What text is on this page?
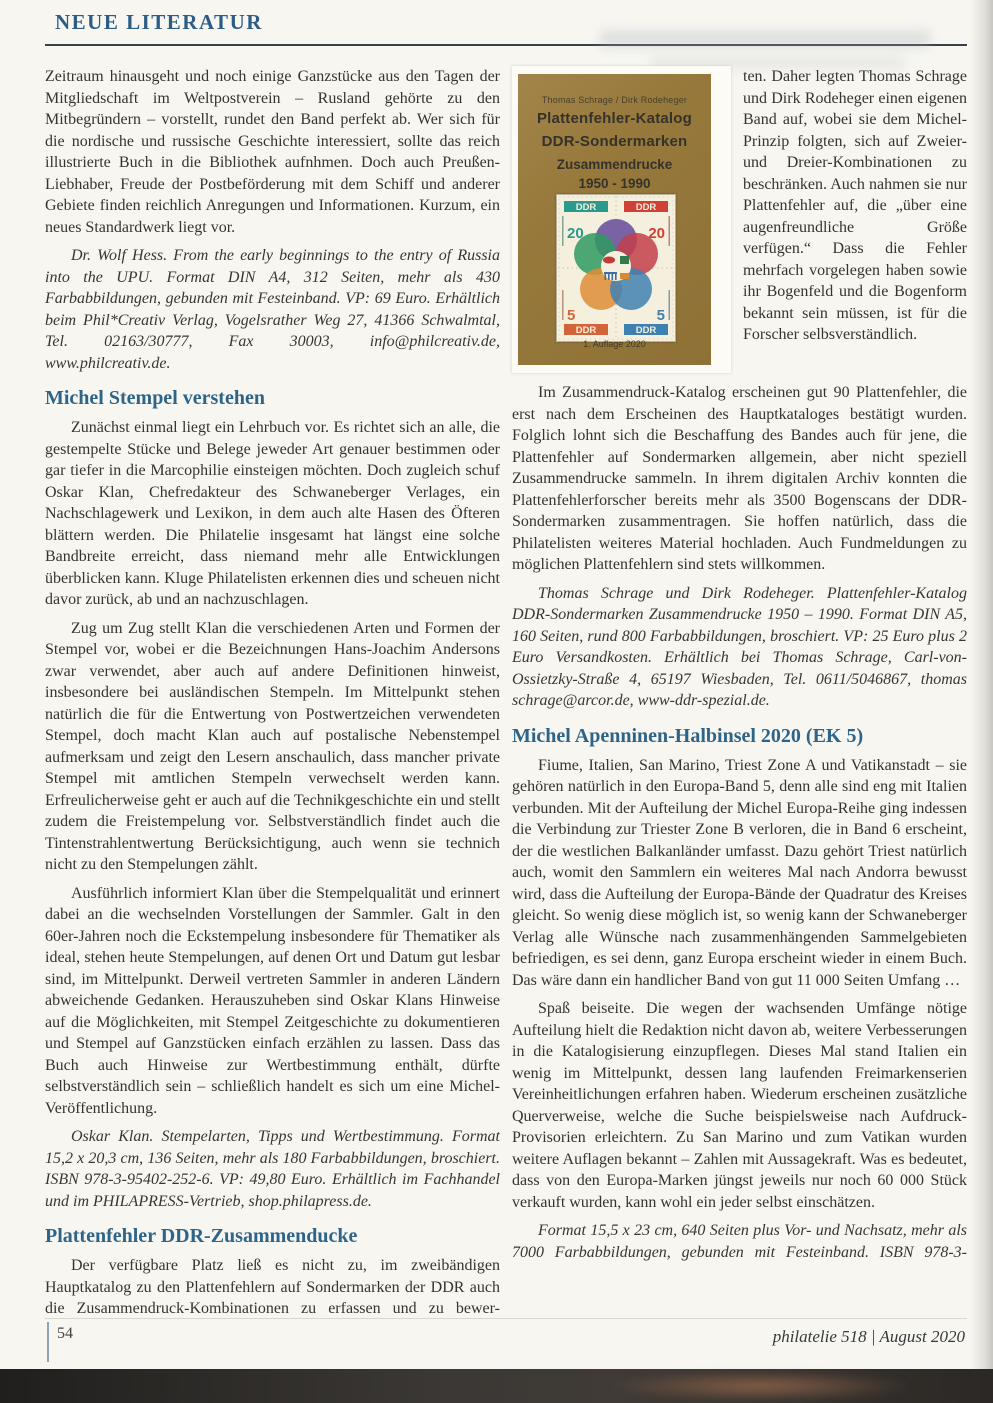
NEUE LITERATUR

Zeitraum hinausgeht und noch einige Ganzstücke aus den Tagen der Mitgliedschaft im Weltpostverein – Rusland gehörte zu den Mitbegründern – vorstellt, rundet den Band perfekt ab. Wer sich für die nordische und russische Geschichte interessiert, sollte das reich illustrierte Buch in die Bibliothek aufnhmen. Doch auch Preußen-Liebhaber, Freude der Postbeförderung mit dem Schiff und anderer Gebiete finden reichlich Anregungen und Informationen. Kurzum, ein neues Standardwerk liegt vor.

Dr. Wolf Hess. From the early beginnings to the entry of Russia into the UPU. Format DIN A4, 312 Seiten, mehr als 430 Farbabbildungen, gebunden mit Festeinband. VP: 69 Euro. Erhältlich beim Phil*Creativ Verlag, Vogelsrather Weg 27, 41366 Schwalmtal, Tel. 02163/30777, Fax 30003, info@philcreativ.de, www.philcreativ.de.

Michel Stempel verstehen

Zunächst einmal liegt ein Lehrbuch vor. Es richtet sich an alle, die gestempelte Stücke und Belege jeweder Art genauer bestimmen oder gar tiefer in die Marcophilie einsteigen möchten. Doch zugleich schuf Oskar Klan, Chefredakteur des Schwaneberger Verlages, ein Nachschlagewerk und Lexikon, in dem auch alte Hasen des Öfteren blättern werden. Die Philatelie insgesamt hat längst eine solche Bandbreite erreicht, dass niemand mehr alle Entwicklungen überblicken kann. Kluge Philatelisten erkennen dies und scheuen nicht davor zurück, ab und an nachzuschlagen.

Zug um Zug stellt Klan die verschiedenen Arten und Formen der Stempel vor, wobei er die Bezeichnungen Hans-Joachim Andersons zwar verwendet, aber auch auf andere Definitionen hinweist, insbesondere bei ausländischen Stempeln. Im Mittelpunkt stehen natürlich die für die Entwertung von Postwertzeichen verwendeten Stempel, doch macht Klan auch auf postalische Nebenstempel aufmerksam und zeigt den Lesern anschaulich, dass mancher private Stempel mit amtlichen Stempeln verwechselt werden kann. Erfreulicherweise geht er auch auf die Technikgeschichte ein und stellt zudem die Freistempelung vor. Selbstverständlich findet auch die Tintenstrahlentwertung Berücksichtigung, auch wenn sie technich nicht zu den Stempelungen zählt.

Ausführlich informiert Klan über die Stempelqualität und erinnert dabei an die wechselnden Vorstellungen der Sammler. Galt in den 60er-Jahren noch die Eckstempelung insbesondere für Thematiker als ideal, stehen heute Stempelungen, auf denen Ort und Datum gut lesbar sind, im Mittelpunkt. Derweil vertreten Sammler in anderen Ländern abweichende Gedanken. Herauszuheben sind Oskar Klans Hinweise auf die Möglichkeiten, mit Stempel Zeitgeschichte zu dokumentieren und Stempel auf Ganzstücken einfach erzählen zu lassen. Dass das Buch auch Hinweise zur Wertbestimmung enthält, dürfte selbstverständlich sein – schließlich handelt es sich um eine Michel-Veröffentlichung.

Oskar Klan. Stempelarten, Tipps und Wertbestimmung. Format 15,2 x 20,3 cm, 136 Seiten, mehr als 180 Farbabbildungen, broschiert. ISBN 978-3-95402-252-6. VP: 49,80 Euro. Erhältlich im Fachhandel und im PHILAPRESS-Vertrieb, shop.philapress.de.

Plattenfehler DDR-Zusammenducke

Der verfügbare Platz ließ es nicht zu, im zweibändigen Hauptkatalog zu den Plattenfehlern auf Sondermarken der DDR auch die Zusammendruck-Kombinationen zu erfassen und zu bewer-

Thomas Schrage / Dirk Rodeheger
Plattenfehler-Katalog
DDR-Sondermarken
Zusammendrucke
1950 - 1990
DDR	DDR
DDR	DDR
20	20
5	5
1. Auflage 2020

ten. Daher legten Thomas Schrage und Dirk Rodeheger einen eigenen Band auf, wobei sie dem Michel-Prinzip folgten, sich auf Zweier- und Dreier-Kombinationen zu beschränken. Auch nahmen sie nur Plattenfehler auf, die „über eine augenfreundliche Größe verfügen.“ Dass die Fehler mehrfach vorgelegen haben sowie ihr Bogenfeld und die Bogenform bekannt sein müssen, ist für die Forscher selbsverständlich.

Im Zusammendruck-Katalog erscheinen gut 90 Plattenfehler, die erst nach dem Erscheinen des Hauptkataloges bestätigt wurden. Folglich lohnt sich die Beschaffung des Bandes auch für jene, die Plattenfehler auf Sondermarken allgemein, aber nicht speziell Zusammendrucke sammeln. In ihrem digitalen Archiv konnten die Plattenfehlerforscher bereits mehr als 3500 Bogenscans der DDR-Sondermarken zusammentragen. Sie hoffen natürlich, dass die Philatelisten weiteres Material hochladen. Auch Fundmeldungen zu möglichen Plattenfehlern sind stets willkommen.

Thomas Schrage und Dirk Rodeheger. Plattenfehler-Katalog DDR-Sondermarken Zusammendrucke 1950 – 1990. Format DIN A5, 160 Seiten, rund 800 Farbabbildungen, broschiert. VP: 25 Euro plus 2 Euro Versandkosten. Erhältlich bei Thomas Schrage, Carl-von-Ossietzky-Straße 4, 65197 Wiesbaden, Tel. 0611/5046867, thomas schrage@arcor.de, www-ddr-spezial.de.

Michel Apenninen-Halbinsel 2020 (EK 5)

Fiume, Italien, San Marino, Triest Zone A und Vatikanstadt – sie gehören natürlich in den Europa-Band 5, denn alle sind eng mit Italien verbunden. Mit der Aufteilung der Michel Europa-Reihe ging indessen die Verbindung zur Triester Zone B verloren, die in Band 6 erscheint, der die westlichen Balkanländer umfasst. Dazu gehört Triest natürlich auch, womit den Sammlern ein weiteres Mal nach Andorra bewusst wird, dass die Aufteilung der Europa-Bände der Quadratur des Kreises gleicht. So wenig diese möglich ist, so wenig kann der Schwaneberger Verlag alle Wünsche nach zusammenhängenden Sammelgebieten befriedigen, es sei denn, ganz Europa erscheint wieder in einem Buch. Das wäre dann ein handlicher Band von gut 11 000 Seiten Umfang …

Spaß beiseite. Die wegen der wachsenden Umfänge nötige Aufteilung hielt die Redaktion nicht davon ab, weitere Verbesserungen in die Katalogisierung einzupflegen. Dieses Mal stand Italien ein wenig im Mittelpunkt, dessen lang laufenden Freimarkenserien Vereinheitlichungen erfahren haben. Wiederum erscheinen zusätzliche Querverweise, welche die Suche beispielsweise nach Aufdruck-Provisorien erleichtern. Zu San Marino und zum Vatikan wurden weitere Auflagen bekannt – Zahlen mit Aussagekraft. Was es bedeutet, dass von den Europa-Marken jüngst jeweils nur noch 60 000 Stück verkauft wurden, kann wohl ein jeder selbst einschätzen.

Format 15,5 x 23 cm, 640 Seiten plus Vor- und Nachsatz, mehr als 7000 Farbabbildungen, gebunden mit Festeinband. ISBN 978-3-

54	philatelie 518 | August 2020
